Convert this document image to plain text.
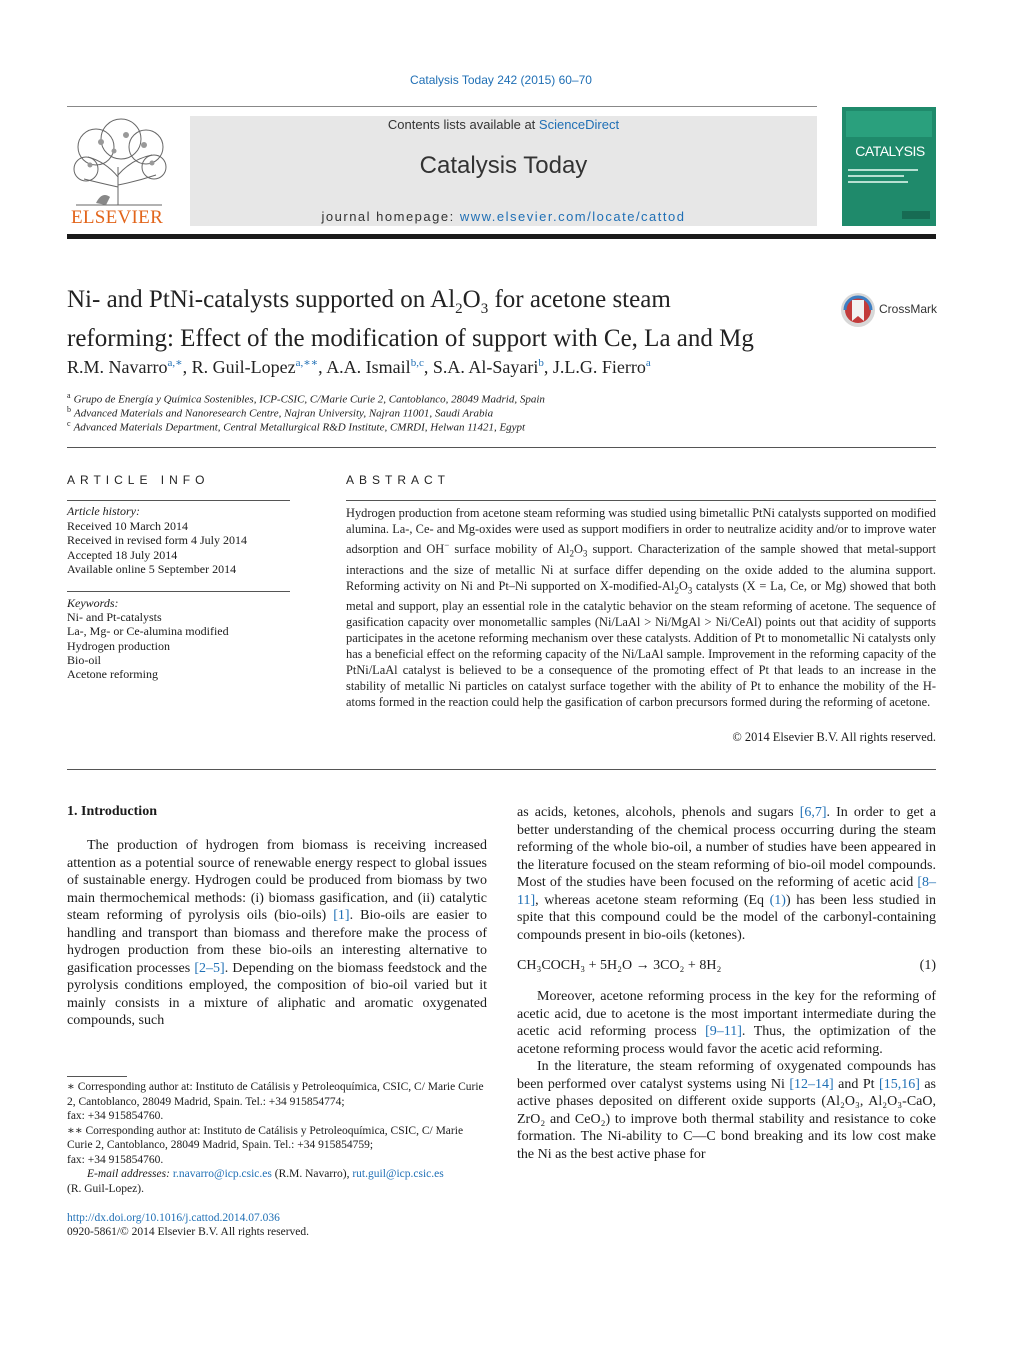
Catalysis Today 242 (2015) 60–70
ELSEVIER
Contents lists available at ScienceDirect
Catalysis Today
journal homepage: www.elsevier.com/locate/cattod
CATALYSIS
Ni- and PtNi-catalysts supported on $Al_2O_3$ for acetone steam
reforming: Effect of the modification of support with Ce, La and Mg
CrossMark
R.M. Navarro$^{a,∗}$, R. Guil-Lopez$^{a,∗∗}$, A.A. Ismail$^{b,c}$, S.A. Al-Sayari$^b$, J.L.G. Fierro$^a$
$^a$ Grupo de Energía y Química Sostenibles, ICP-CSIC, C/Marie Curie 2, Cantoblanco, 28049 Madrid, Spain
$^b$ Advanced Materials and Nanoresearch Centre, Najran University, Najran 11001, Saudi Arabia
$^c$ Advanced Materials Department, Central Metallurgical R&D Institute, CMRDI, Helwan 11421, Egypt
ARTICLE INFO
Article history:
Received 10 March 2014
Received in revised form 4 July 2014
Accepted 18 July 2014
Available online 5 September 2014
Keywords:
Ni- and Pt-catalysts
La-, Mg- or Ce-alumina modified
Hydrogen production
Bio-oil
Acetone reforming
ABSTRACT
Hydrogen production from acetone steam reforming was studied using bimetallic PtNi catalysts supported on modified alumina. La-, Ce- and Mg-oxides were used as support modifiers in order to neutralize acidity and/or to improve water adsorption and OH− surface mobility of $Al_2O_3$ support. Characterization of the sample showed that metal-support interactions and the size of metallic Ni at surface differ depending on the oxide added to the alumina support. Reforming activity on Ni and Pt–Ni supported on $X-modified-Al_2O_3$ catalysts (X = La, Ce, or Mg) showed that both metal and support, play an essential role in the catalytic behavior on the steam reforming of acetone. The sequence of gasification capacity over monometallic samples (Ni/LaAl > Ni/MgAl > Ni/CeAl) points out that acidity of supports participates in the acetone reforming mechanism over these catalysts. Addition of Pt to monometallic Ni catalysts only has a beneficial effect on the reforming capacity of the Ni/LaAl sample. Improvement in the reforming capacity of the PtNi/LaAl catalyst is believed to be a consequence of the promoting effect of Pt that leads to an increase in the stability of metallic Ni particles on catalyst surface together with the ability of Pt to enhance the mobility of the H-atoms formed in the reaction could help the gasification of carbon precursors formed during the reforming of acetone.
© 2014 Elsevier B.V. All rights reserved.
1. Introduction

The production of hydrogen from biomass is receiving increased attention as a potential source of renewable energy respect to global issues of sustainable energy. Hydrogen could be produced from biomass by two main thermochemical methods: (i) biomass gasification, and (ii) catalytic steam reforming of pyrolysis oils (bio-oils) [1]. Bio-oils are easier to handling and transport than biomass and therefore make the process of hydrogen production from these bio-oils an interesting alternative to gasification processes [2–5]. Depending on the biomass feedstock and the pyrolysis conditions employed, the composition of bio-oil varied but it mainly consists in a mixture of aliphatic and aromatic oxygenated compounds, such

as acids, ketones, alcohols, phenols and sugars [6,7]. In order to get a better understanding of the chemical process occurring during the steam reforming of the whole bio-oil, a number of studies have been appeared in the literature focused on the steam reforming of bio-oil model compounds. Most of the studies have been focused on the reforming of acetic acid [8–11], whereas acetone steam reforming (Eq (1)) has been less studied in spite that this compound could be the model of the carbonyl-containing compounds present in bio-oils (ketones).

CH₃COCH₃ + 5H₂O → 3CO₂ + 8H₂	(1)

Moreover, acetone reforming process in the key for the reforming of acetic acid, due to acetone is the most important intermediate during the acetic acid reforming process [9–11]. Thus, the optimization of the acetone reforming process would favor the acetic acid reforming.

In the literature, the steam reforming of oxygenated compounds has been performed over catalyst systems using Ni [12–14] and Pt [15,16] as active phases deposited on different oxide supports (Al₂O₃, Al₂O₃-CaO, ZrO₂ and CeO₂) to improve both thermal stability and resistance to coke formation. The Ni-ability to C—C bond breaking and its low cost make the Ni as the best active phase for

∗ Corresponding author at: Instituto de Catálisis y Petroleoquímica, CSIC, C/ Marie Curie 2, Cantoblanco, 28049 Madrid, Spain. Tel.: +34 915854774;

fax: +34 915854760.

∗∗ Corresponding author at: Instituto de Catálisis y Petroleoquímica, CSIC, C/ Marie Curie 2, Cantoblanco, 28049 Madrid, Spain. Tel.: +34 915854759;

fax: +34 915854760.

E-mail addresses: r.navarro@icp.csic.es (R.M. Navarro), rut.guil@icp.csic.es

(R. Guil-Lopez).

http://dx.doi.org/10.1016/j.cattod.2014.07.036
0920-5861/© 2014 Elsevier B.V. All rights reserved.
